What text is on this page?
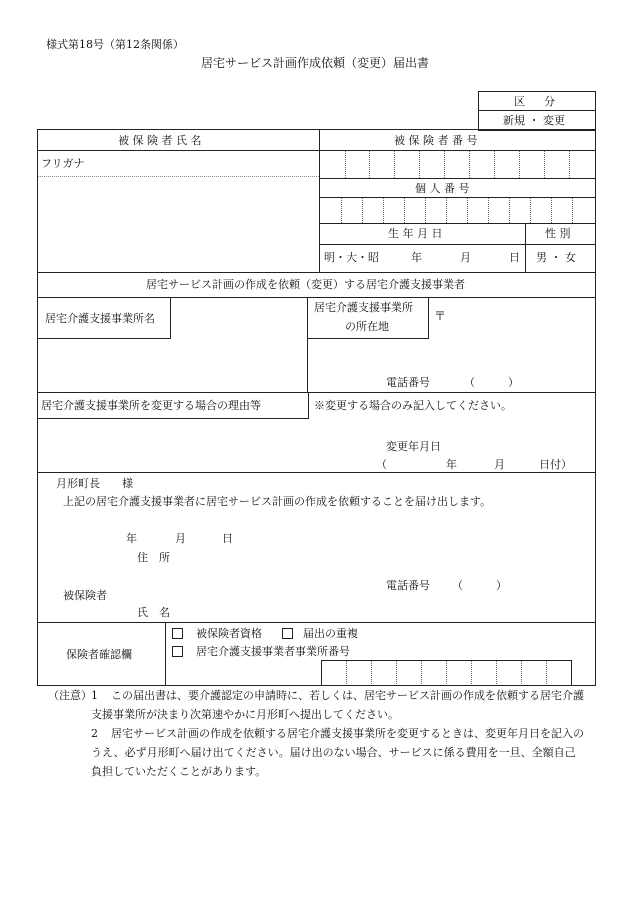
様式第18号（第12条関係）
居宅サービス計画作成依頼（変更）届出書
区　分
新規 ・ 変更
被 保 険 者 氏 名	被 保 険 者 番 号
フリガナ
個 人 番 号
生 年 月 日	性 別
明・大・昭	年	月	日 男 ・ 女
居宅サービス計画の作成を依頼（変更）する居宅介護支援事業者
居宅介護支援事業所名
居宅介護支援事業所
の所在地
〒
電話番号	（　　　）
居宅介護支援事業所を変更する場合の理由等	※変更する場合のみ記入してください。
変更年月日
（	年	月	日付）
月形町長　　様
上記の居宅介護支援事業者に居宅サービス計画の作成を依頼することを届け出します。
年	月	日
住　所
電話番号 （　　　）
被保険者
氏　名
保険者確認欄
被保険者資格	届出の重複
居宅介護支援事業者事業所番号
（注意） 1 この届出書は、要介護認定の申請時に、若しくは、居宅サービス計画の作成を依頼する居宅介護
支援事業所が決まり次第速やかに月形町へ提出してください。
2 居宅サービス計画の作成を依頼する居宅介護支援事業所を変更するときは、変更年月日を記入の
うえ、必ず月形町へ届け出てください。届け出のない場合、サービスに係る費用を一旦、全額自己
負担していただくことがあります。
